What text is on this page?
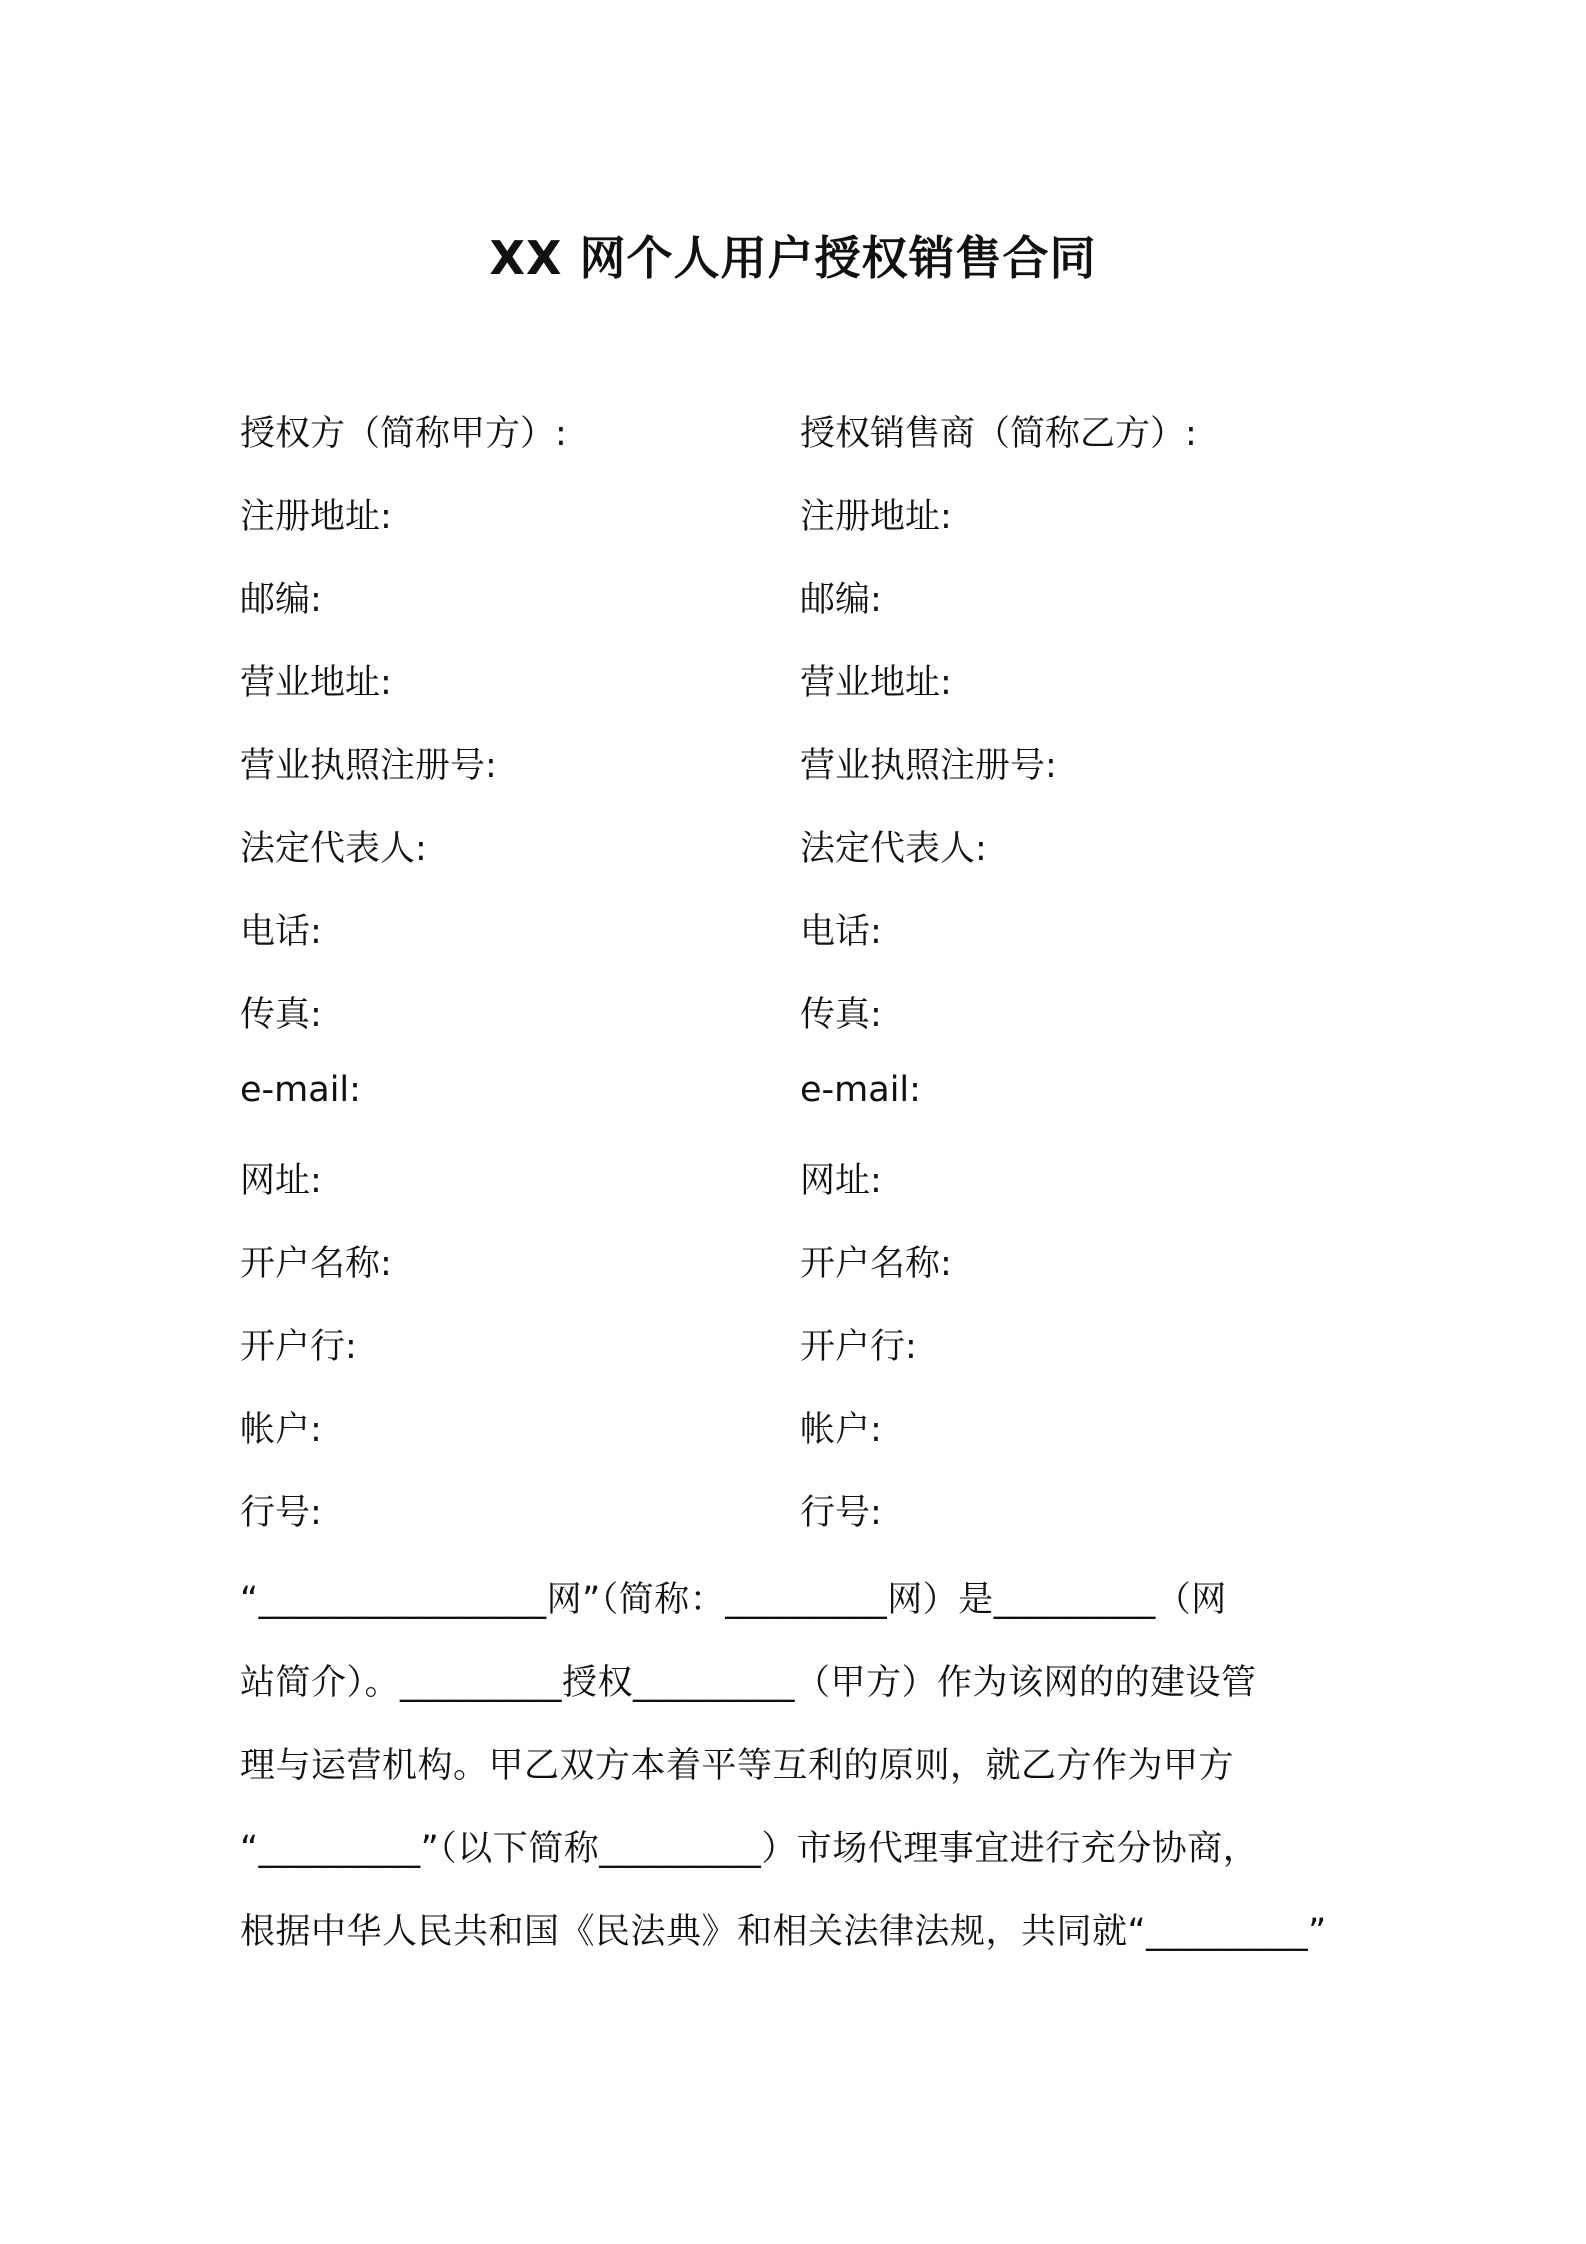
XX 网个人用户授权销售合同
授权方（简称甲方）:	授权销售商（简称乙方）:
注册地址:	注册地址:
邮编:	邮编:
营业地址:	营业地址:
营业执照注册号:	营业执照注册号:
法定代表人:	法定代表人:
电话:	电话:
传真:	传真:
e-mail:	e-mail:
网址:	网址:
开户名称:	开户名称:
开户行:	开户行:
帐户:	帐户:
行号:	行号:
“________________网”（简称：_________网）是_________（网
站简介）。_________授权_________（甲方）作为该网的的建设管
理与运营机构。甲乙双方本着平等互利的原则，就乙方作为甲方
“_________”（以下简称_________）市场代理事宜进行充分协商，
根据中华人民共和国《民法典》和相关法律法规，共同就“_________”
